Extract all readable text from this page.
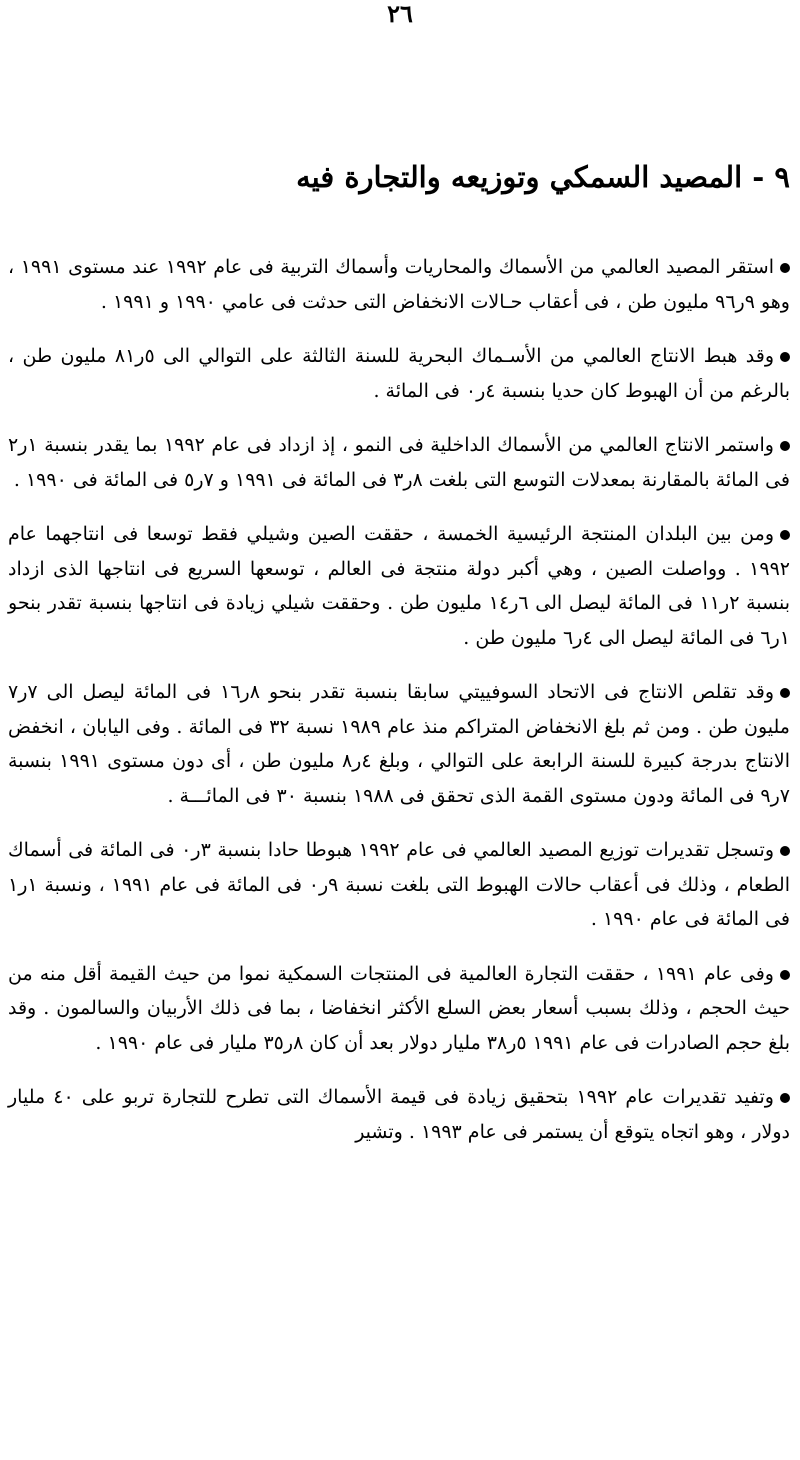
٢٦
٩ - المصيد السمكي وتوزيعه والتجارة فيه

استقر المصيد العالمي من الأسماك والمحاريات وأسماك التربية فى عام ١٩٩٢ عند مستوى ١٩٩١ ، وهو ٩ر٩٦ مليون طن ، فى أعقاب حـالات الانخفاض التى حدثت فى عامي ١٩٩٠ و ١٩٩١ .

وقد هبط الانتاج العالمي من الأسـماك البحرية للسنة الثالثة على التوالي الى ٥ر٨١ مليون طن ، بالرغم من أن الهبوط كان حديا بنسبة ٤ر٠ فى المائة .

واستمر الانتاج العالمي من الأسماك الداخلية فى النمو ، إذ ازداد فى عام ١٩٩٢ بما يقدر بنسبة ١ر٢ فى المائة بالمقارنة بمعدلات التوسع التى بلغت ٨ر٣ فى المائة فى ١٩٩١ و ٧ر٥ فى المائة فى ١٩٩٠ .

ومن بين البلدان المنتجة الرئيسية الخمسة ، حققت الصين وشيلي فقط توسعا فى انتاجهما عام ١٩٩٢ . وواصلت الصين ، وهي أكبر دولة منتجة فى العالم ، توسعها السريع فى انتاجها الذى ازداد بنسبة ٢ر١١ فى المائة ليصل الى ٦ر١٤ مليون طن . وحققت شيلي زيادة فى انتاجها بنسبة تقدر بنحو ١ر٦ فى المائة ليصل الى ٤ر٦ مليون طن .

وقد تقلص الانتاج فى الاتحاد السوفييتي سابقا بنسبة تقدر بنحو ٨ر١٦ فى المائة ليصل الى ٧ر٧ مليون طن . ومن ثم بلغ الانخفاض المتراكم منذ عام ١٩٨٩ نسبة ٣٢ فى المائة . وفى اليابان ، انخفض الانتاج بدرجة كبيرة للسنة الرابعة على التوالي ، وبلغ ٤ر٨ مليون طن ، أى دون مستوى ١٩٩١ بنسبة ٧ر٩ فى المائة ودون مستوى القمة الذى تحقق فى ١٩٨٨ بنسبة ٣٠ فى المائـــة .

وتسجل تقديرات توزيع المصيد العالمي فى عام ١٩٩٢ هبوطا حادا بنسبة ٣ر٠ فى المائة فى أسماك الطعام ، وذلك فى أعقاب حالات الهبوط التى بلغت نسبة ٩ر٠ فى المائة فى عام ١٩٩١ ، ونسبة ١ر١ فى المائة فى عام ١٩٩٠ .

وفى عام ١٩٩١ ، حققت التجارة العالمية فى المنتجات السمكية نموا من حيث القيمة أقل منه من حيث الحجم ، وذلك بسبب أسعار بعض السلع الأكثر انخفاضا ، بما فى ذلك الأربيان والسالمون . وقد بلغ حجم الصادرات فى عام ١٩٩١ ٥ر٣٨ مليار دولار بعد أن كان ٨ر٣٥ مليار فى عام ١٩٩٠ .

وتفيد تقديرات عام ١٩٩٢ بتحقيق زيادة فى قيمة الأسماك التى تطرح للتجارة تربو على ٤٠ مليار دولار ، وهو اتجاه يتوقع أن يستمر فى عام ١٩٩٣ . وتشير
